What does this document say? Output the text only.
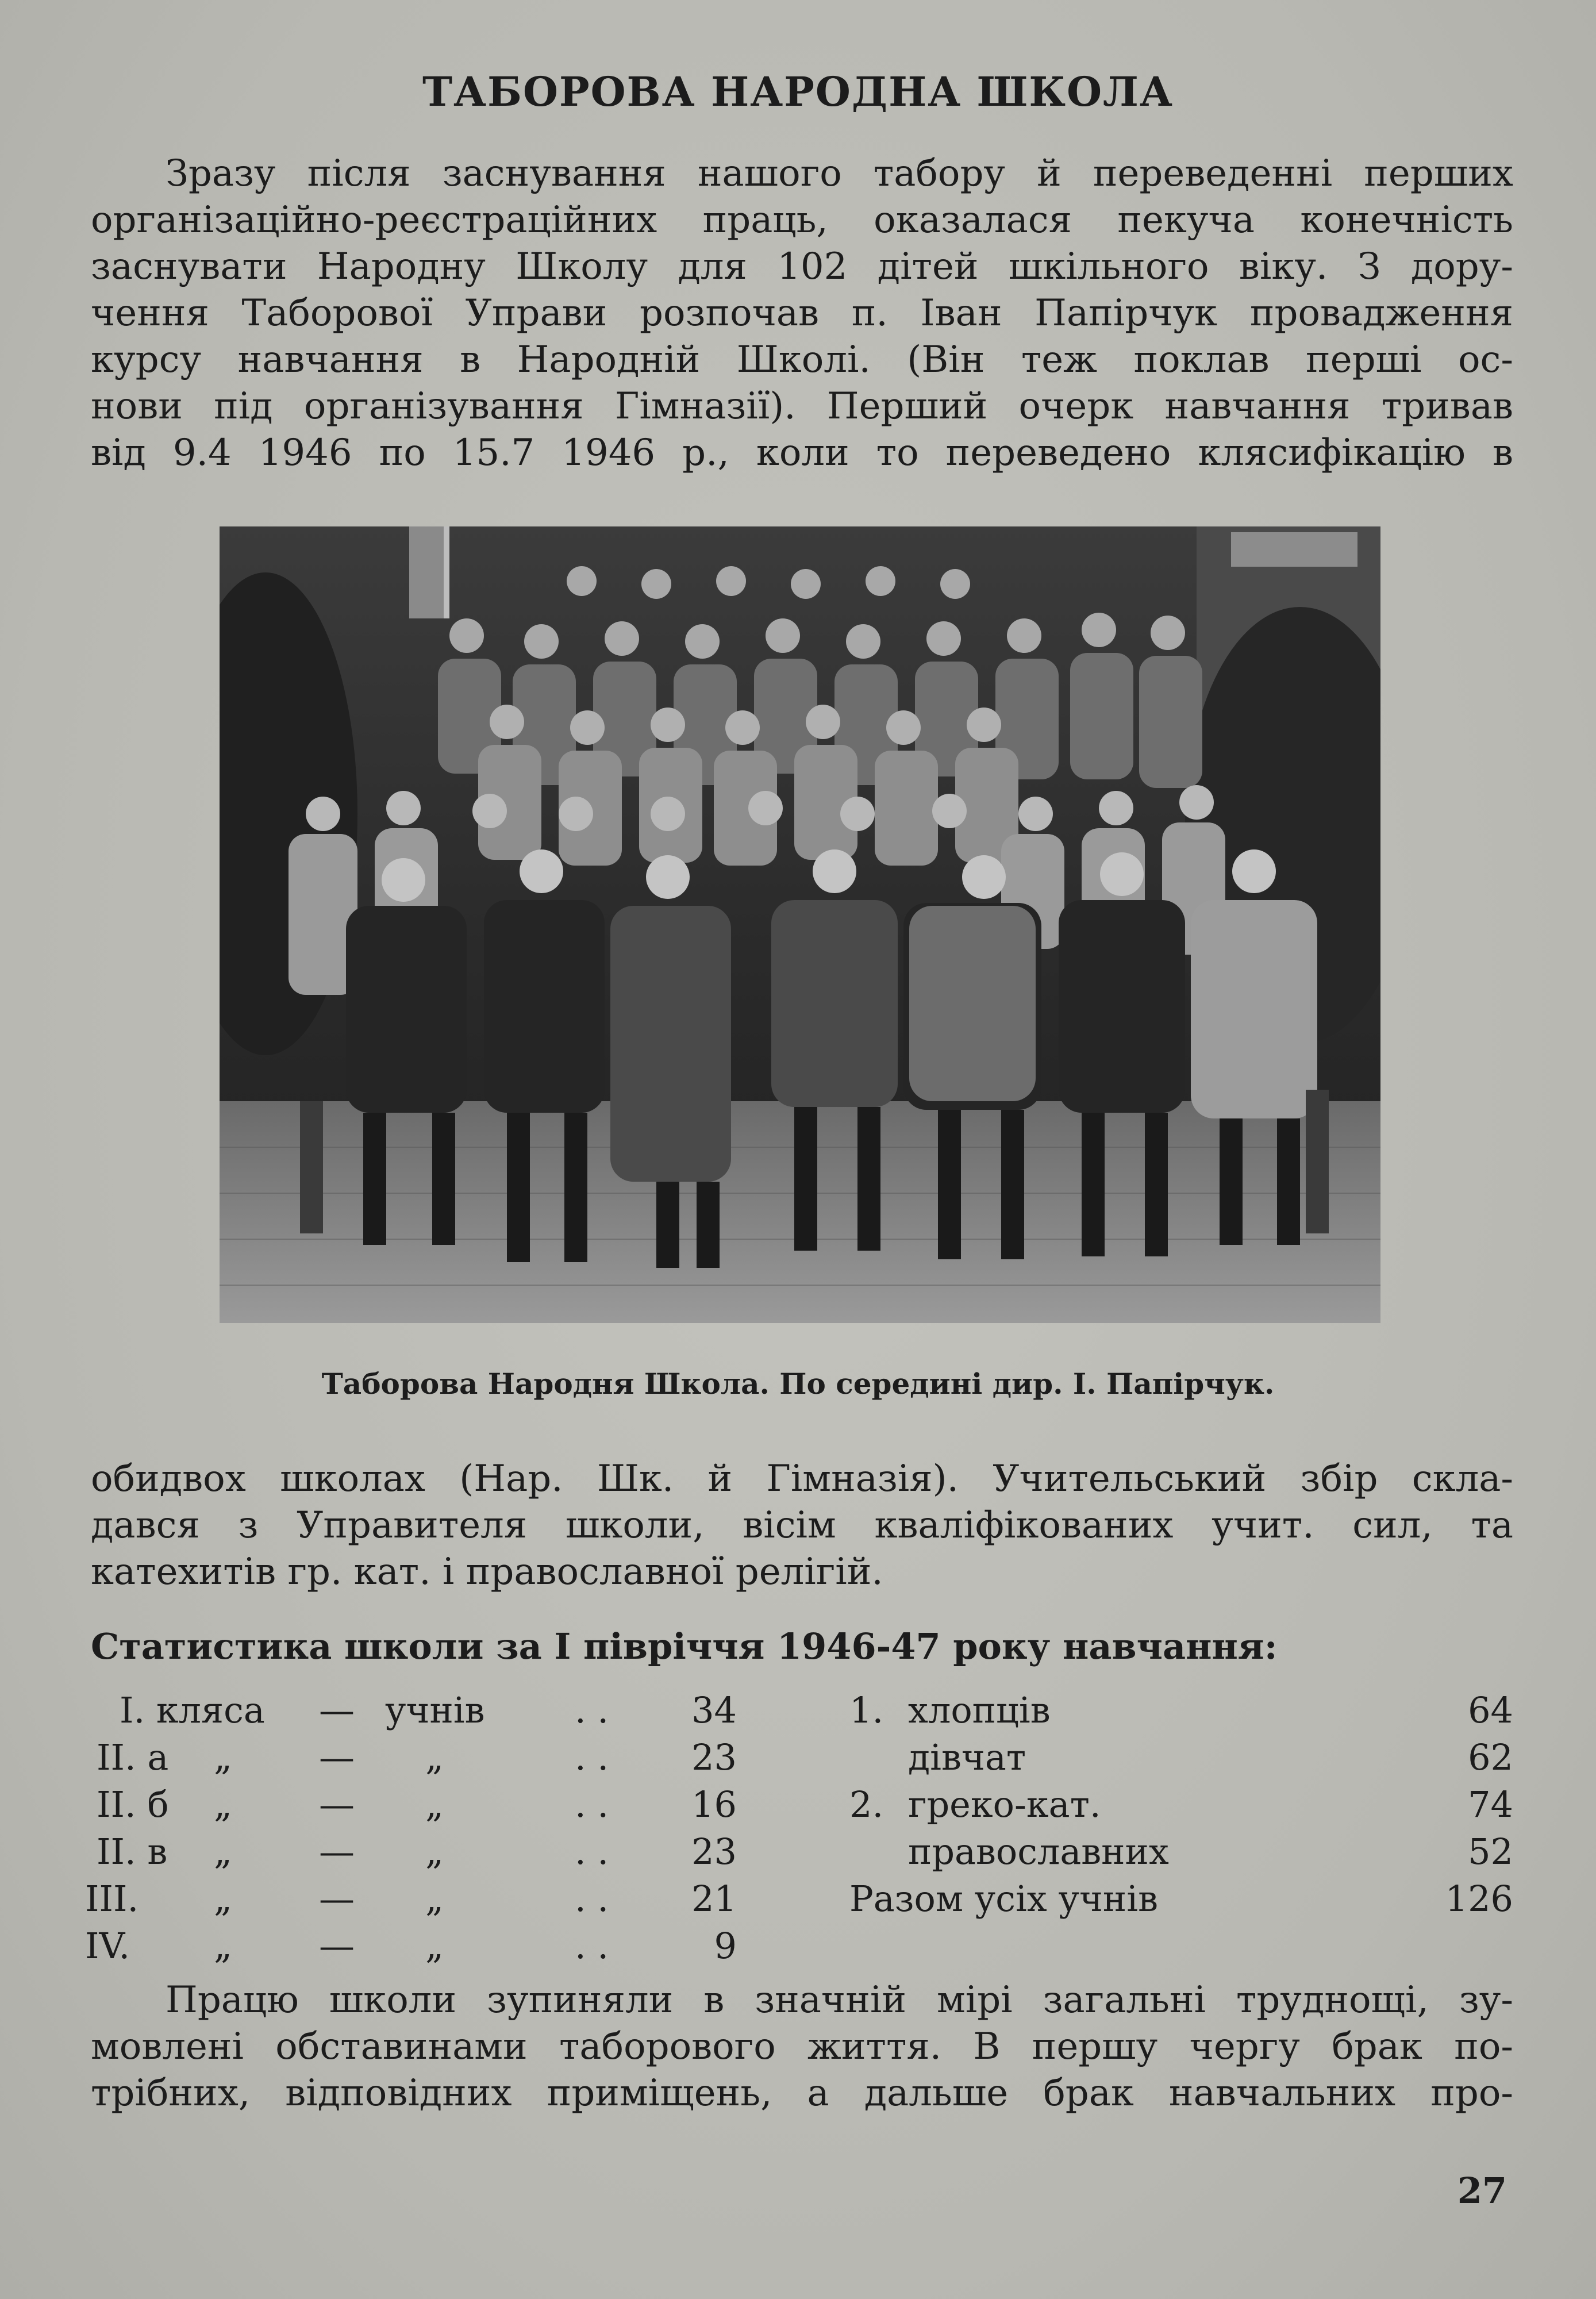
ТАБОРОВА НАРОДНА ШКОЛА
Зразу після заснування нашого табору й переведенні перших
організаційно-реєстраційних праць, оказалася пекуча конечність
заснувати Народну Школу для 102 дітей шкільного віку. З дору-
чення Таборової Управи розпочав п. Іван Папірчук провадження
курсу навчання в Народній Школі. (Він теж поклав перші ос-
нови під організування Гімназії). Перший очерк навчання тривав
від 9.4 1946 по 15.7 1946 р., коли то переведено клясифікацію в
Таборова Народня Школа. По середині дир. І. Папірчук.
обидвох школах (Нар. Шк. й Гімназія). Учительський збір скла-
дався з Управителя школи, вісім кваліфікованих учит. сил, та
катехитів гр. кат. і православної релігій.
Статистика школи за I півріччя 1946-47 року навчання:
I. кляса — учнів	. . 34
II. а „ — „	. . 23
II. б „ — „	. . 16
II. в „ — „	. . 23
III. „ — „	. . 21
IV. „ — „	. .	9
1. хлопців	64
дівчат	62
2. греко-кат.	74
православних	52
Разом усіх учнів	126
Працю школи зупиняли в значній мірі загальні труднощі, зу-
мовлені обставинами таборового життя. В першу чергу брак по-
трібних, відповідних приміщень, а дальше брак навчальних про-
27
